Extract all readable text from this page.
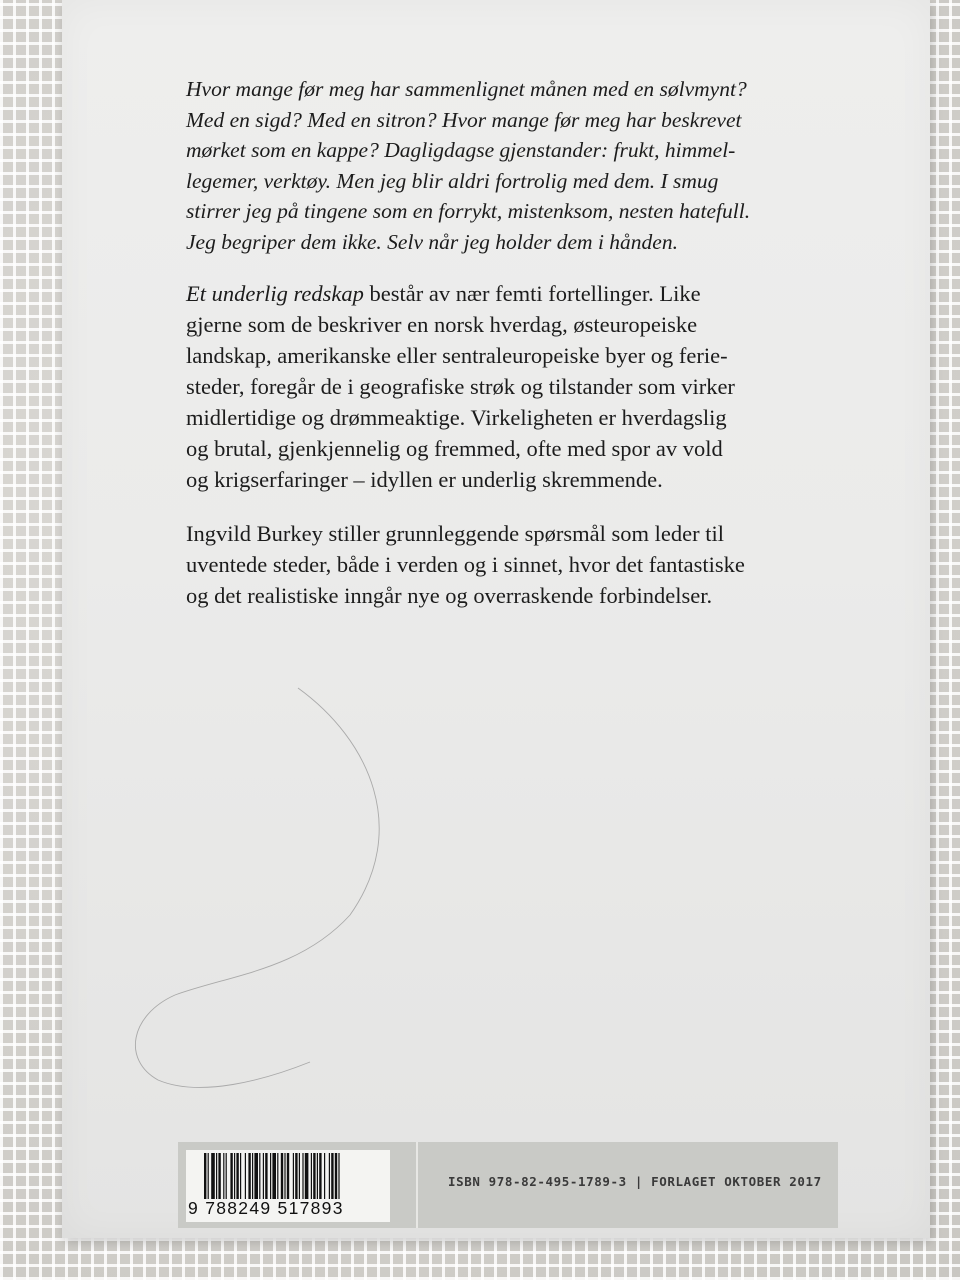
Hvor mange før meg har sammenlignet månen med en sølvmynt?
Med en sigd? Med en sitron? Hvor mange før meg har beskrevet
mørket som en kappe? Dagligdagse gjenstander: frukt, himmel-
legemer, verktøy. Men jeg blir aldri fortrolig med dem. I smug
stirrer jeg på tingene som en forrykt, mistenksom, nesten hatefull.
Jeg begriper dem ikke. Selv når jeg holder dem i hånden.
Et underlig redskap består av nær femti fortellinger. Like
gjerne som de beskriver en norsk hverdag, østeuropeiske
landskap, amerikanske eller sentraleuropeiske byer og ferie-
steder, foregår de i geografiske strøk og tilstander som virker
midlertidige og drømmeaktige. Virkeligheten er hverdagslig
og brutal, gjenkjennelig og fremmed, ofte med spor av vold
og krigserfaringer – idyllen er underlig skremmende.
Ingvild Burkey stiller grunnleggende spørsmål som leder til
uventede steder, både i verden og i sinnet, hvor det fantastiske
og det realistiske inngår nye og overraskende forbindelser.
9 788249 517893
ISBN 978-82-495-1789-3 | FORLAGET OKTOBER 2017
